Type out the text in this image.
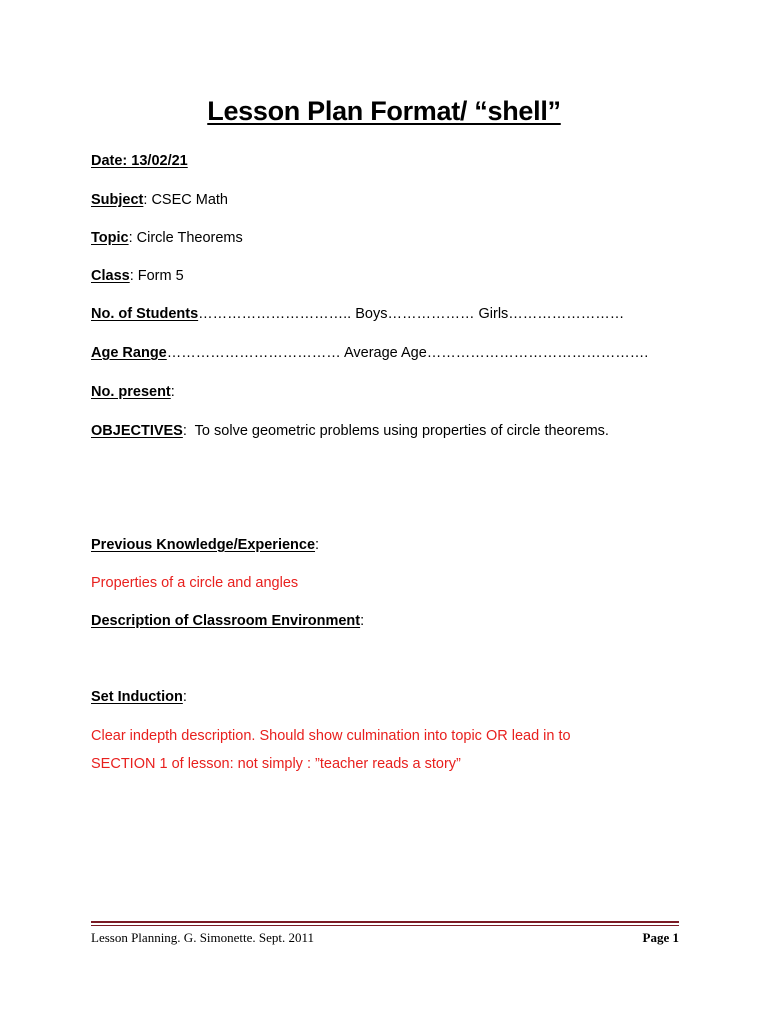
Lesson Plan Format/ “shell”
Date: 13/02/21
Subject: CSEC Math
Topic: Circle Theorems
Class: Form 5
No. of Students………………………….. Boys……………… Girls……………………
Age Range……………………………… Average Age……………………………………….
No. present:
OBJECTIVES:  To solve geometric problems using properties of circle theorems.
Previous Knowledge/Experience:
Properties of a circle and angles
Description of Classroom Environment:
Set Induction:
Clear indepth description. Should show culmination into topic OR lead in to
SECTION 1 of lesson: not simply : ”teacher reads a story”
Lesson Planning. G. Simonette. Sept. 2011	Page 1
